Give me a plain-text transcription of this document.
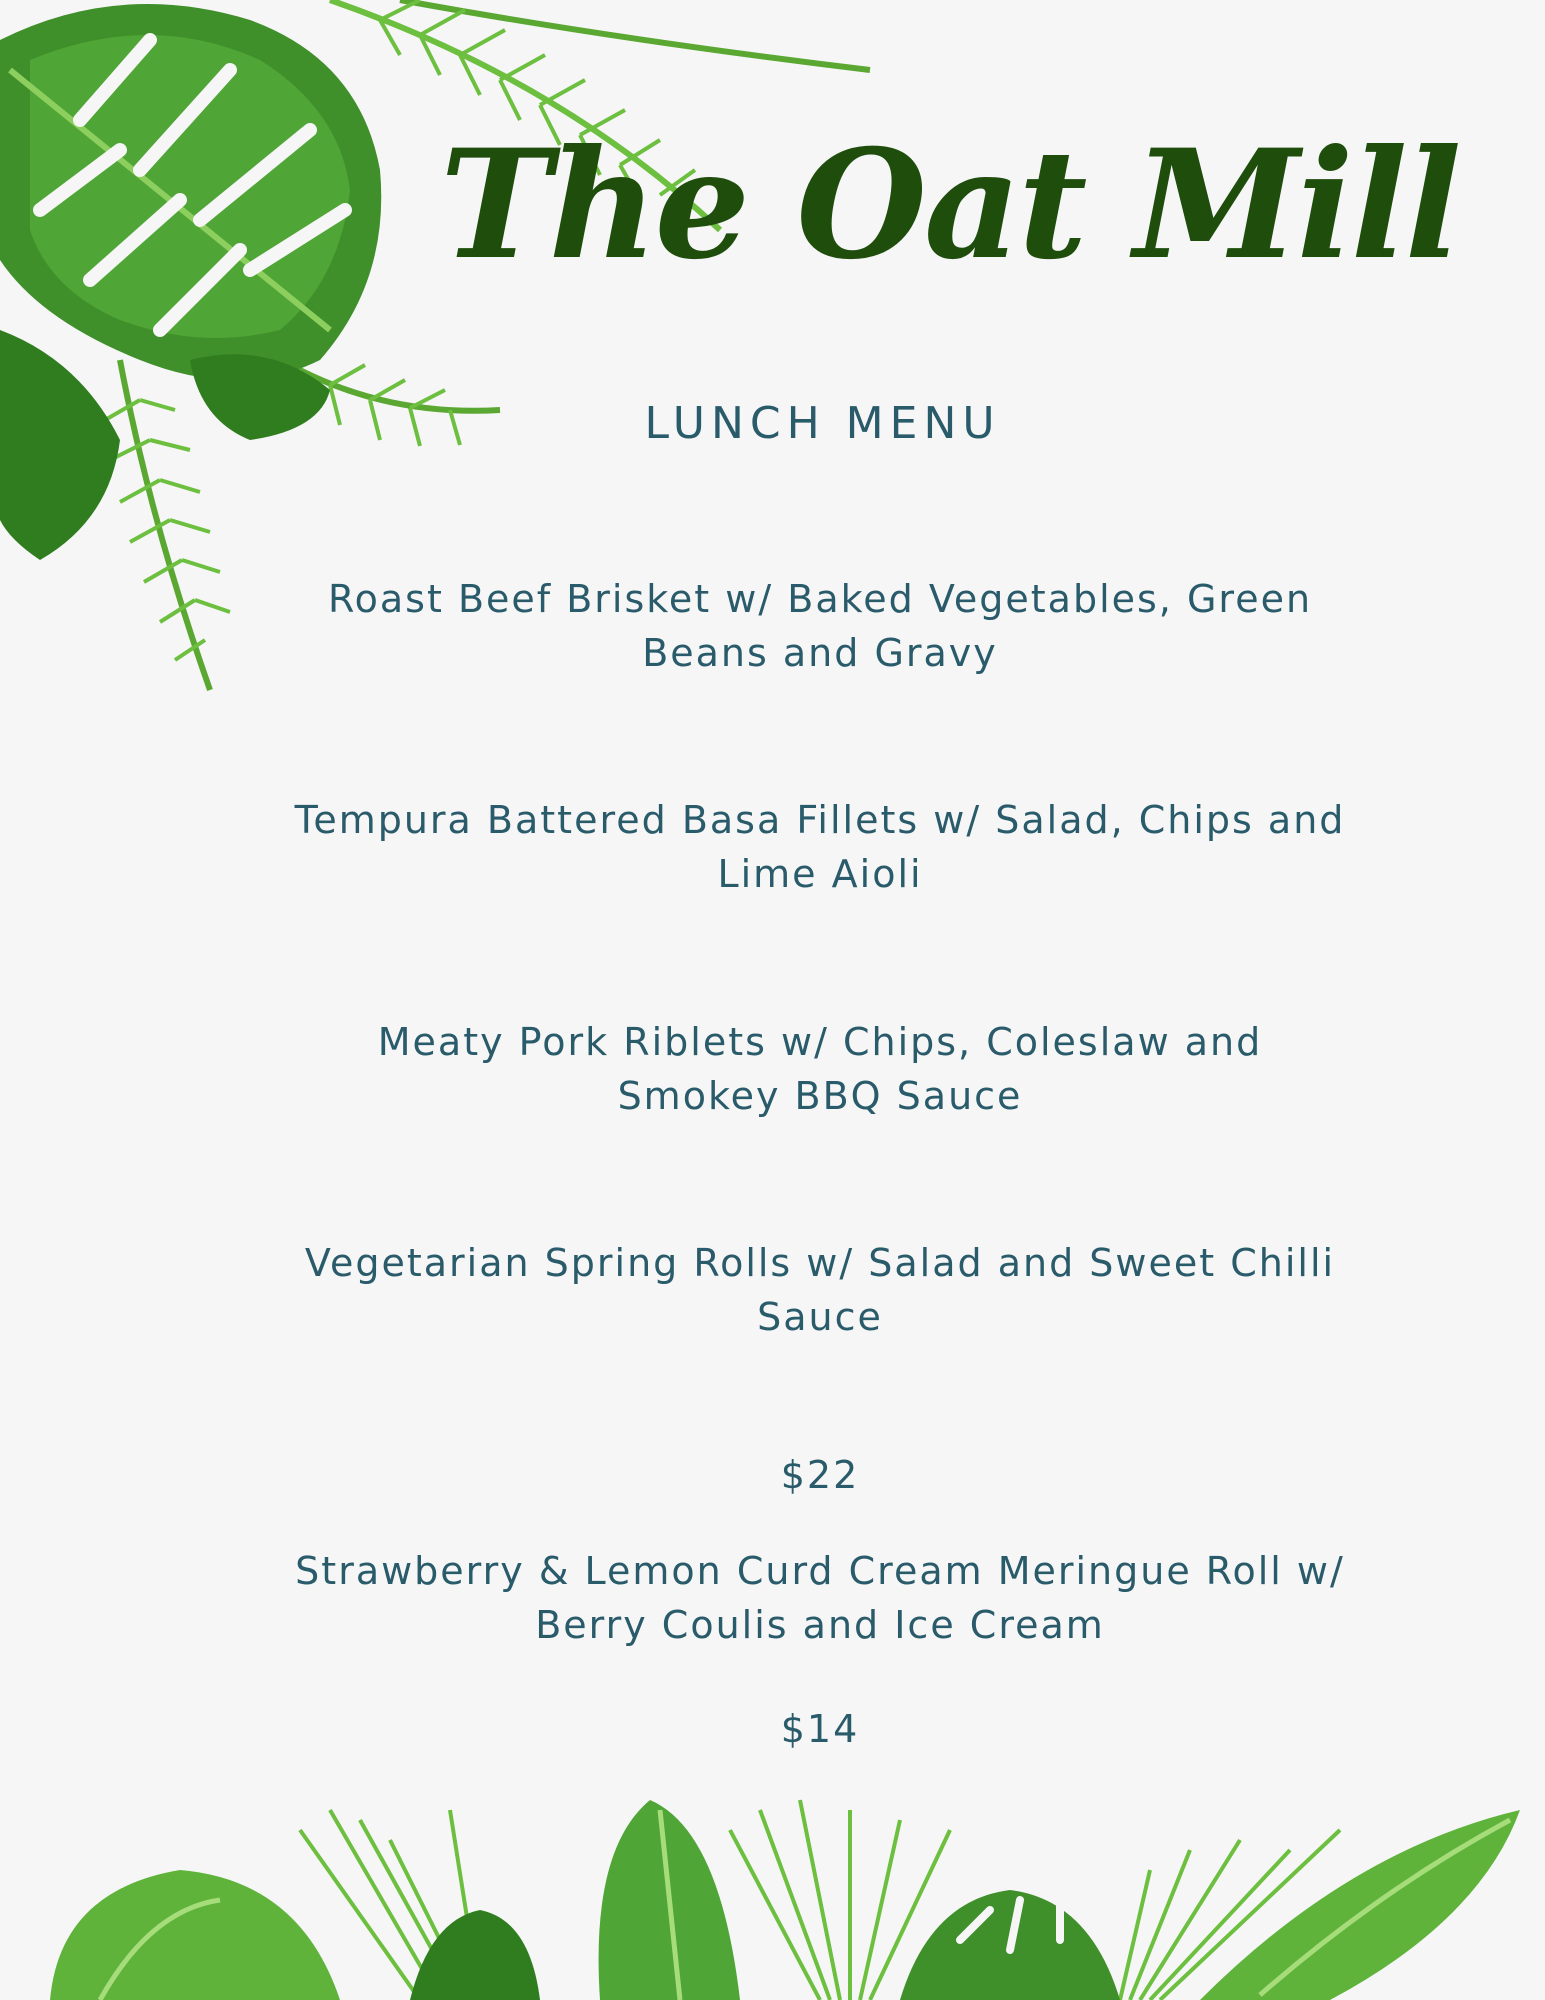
The Oat Mill
LUNCH MENU
Roast Beef Brisket w/ Baked Vegetables, Green Beans and Gravy
Tempura Battered Basa Fillets w/ Salad, Chips and Lime Aioli
Meaty Pork Riblets w/ Chips, Coleslaw and Smokey BBQ Sauce
Vegetarian Spring Rolls w/ Salad and Sweet Chilli Sauce
$22
Strawberry & Lemon Curd Cream Meringue Roll w/ Berry Coulis and Ice Cream
$14
